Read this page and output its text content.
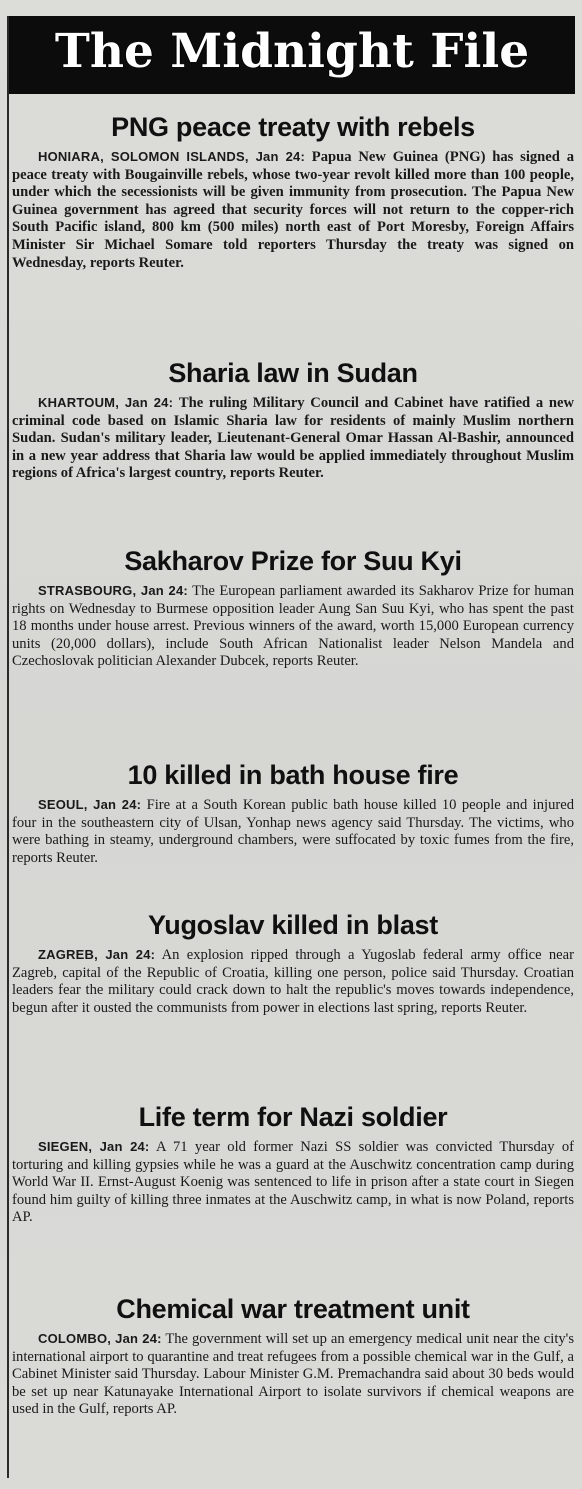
The Midnight File
PNG peace treaty with rebels

HONIARA, SOLOMON ISLANDS, Jan 24: Papua New Guinea (PNG) has signed a peace treaty with Bougainville rebels, whose two-year revolt killed more than 100 people, under which the secessionists will be given immunity from prosecution. The Papua New Guinea government has agreed that security forces will not return to the copper-rich South Pacific island, 800 km (500 miles) north east of Port Moresby, Foreign Affairs Minister Sir Michael Somare told reporters Thursday the treaty was signed on Wednesday, reports Reuter.

Sharia law in Sudan

KHARTOUM, Jan 24: The ruling Military Council and Cabinet have ratified a new criminal code based on Islamic Sharia law for residents of mainly Muslim northern Sudan. Sudan's military leader, Lieutenant-General Omar Hassan Al-Bashir, announced in a new year address that Sharia law would be applied immediately throughout Muslim regions of Africa's largest country, reports Reuter.

Sakharov Prize for Suu Kyi

STRASBOURG, Jan 24: The European parliament awarded its Sakharov Prize for human rights on Wednesday to Burmese opposition leader Aung San Suu Kyi, who has spent the past 18 months under house arrest. Previous winners of the award, worth 15,000 European currency units (20,000 dollars), include South African Nationalist leader Nelson Mandela and Czechoslovak politician Alexander Dubcek, reports Reuter.

10 killed in bath house fire

SEOUL, Jan 24: Fire at a South Korean public bath house killed 10 people and injured four in the southeastern city of Ulsan, Yonhap news agency said Thursday. The victims, who were bathing in steamy, underground chambers, were suffocated by toxic fumes from the fire, reports Reuter.

Yugoslav killed in blast

ZAGREB, Jan 24: An explosion ripped through a Yugoslab federal army office near Zagreb, capital of the Republic of Croatia, killing one person, police said Thursday. Croatian leaders fear the military could crack down to halt the republic's moves towards independence, begun after it ousted the communists from power in elections last spring, reports Reuter.

Life term for Nazi soldier

SIEGEN, Jan 24: A 71 year old former Nazi SS soldier was convicted Thursday of torturing and killing gypsies while he was a guard at the Auschwitz concentration camp during World War II. Ernst-August Koenig was sentenced to life in prison after a state court in Siegen found him guilty of killing three inmates at the Auschwitz camp, in what is now Poland, reports AP.

Chemical war treatment unit

COLOMBO, Jan 24: The government will set up an emergency medical unit near the city's international airport to quarantine and treat refugees from a possible chemical war in the Gulf, a Cabinet Minister said Thursday. Labour Minister G.M. Premachandra said about 30 beds would be set up near Katunayake International Airport to isolate survivors if chemical weapons are used in the Gulf, reports AP.
